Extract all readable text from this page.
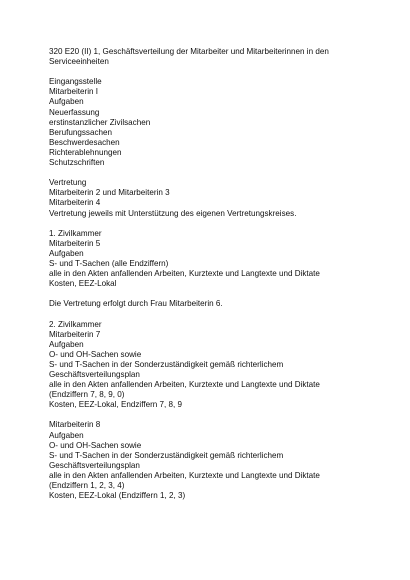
320 E20 (II) 1, Geschäftsverteilung der Mitarbeiter und Mitarbeiterinnen in den
Serviceeinheiten
Eingangsstelle
Mitarbeiterin I
Aufgaben
Neuerfassung
erstinstanzlicher Zivilsachen
Berufungssachen
Beschwerdesachen
Richterablehnungen
Schutzschriften
Vertretung
Mitarbeiterin 2 und Mitarbeiterin 3
Mitarbeiterin 4
Vertretung jeweils mit Unterstützung des eigenen Vertretungskreises.
1. Zivilkammer
Mitarbeiterin 5
Aufgaben
S- und T-Sachen (alle Endziffern)
alle in den Akten anfallenden Arbeiten, Kurztexte und Langtexte und Diktate
Kosten, EEZ-Lokal
Die Vertretung erfolgt durch Frau Mitarbeiterin 6.
2. Zivilkammer
Mitarbeiterin 7
Aufgaben
O- und OH-Sachen sowie
S- und T-Sachen in der Sonderzuständigkeit gemäß richterlichem
Geschäftsverteilungsplan
alle in den Akten anfallenden Arbeiten, Kurztexte und Langtexte und Diktate
(Endziffern 7, 8, 9, 0)
Kosten, EEZ-Lokal, Endziffern 7, 8, 9
Mitarbeiterin 8
Aufgaben
O- und OH-Sachen sowie
S- und T-Sachen in der Sonderzuständigkeit gemäß richterlichem
Geschäftsverteilungsplan
alle in den Akten anfallenden Arbeiten, Kurztexte und Langtexte und Diktate
(Endziffern 1, 2, 3, 4)
Kosten, EEZ-Lokal (Endziffern 1, 2, 3)
